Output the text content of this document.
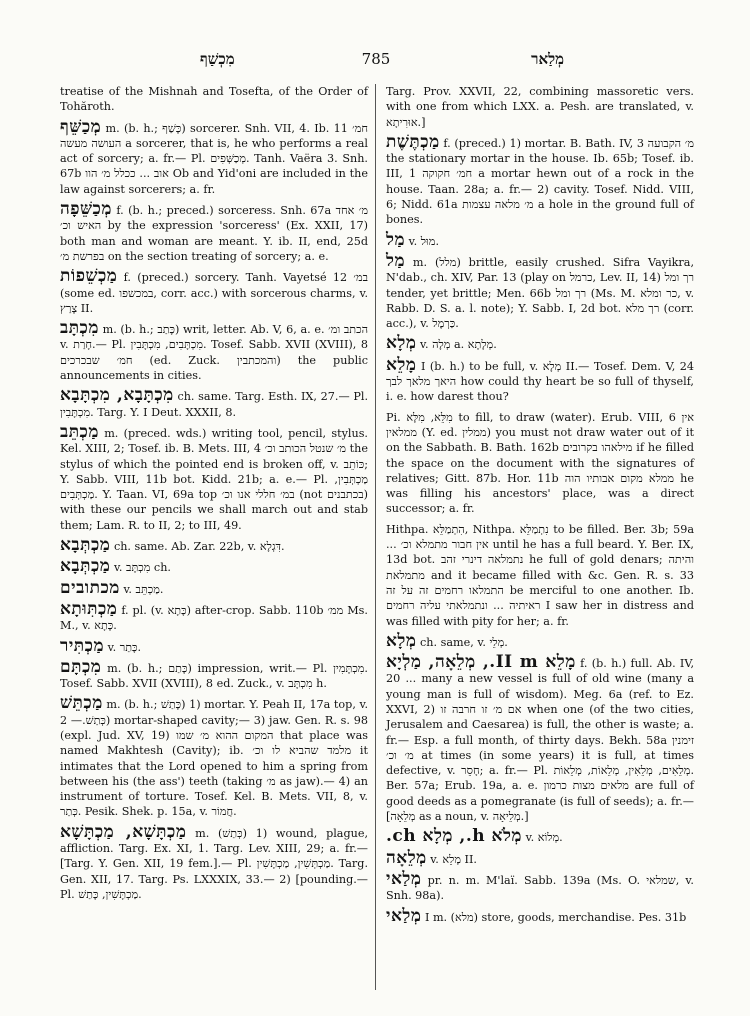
מִכְשַׁף	785	מְלַאר
treatise of the Mishnah and Tosefta, of the Order of Tohăroth.
מְכַשֵּׁף m. (b. h.; כָּשַׁף) sorcerer. Snh. VII, 4. Ib. 11 חמ׳ העושה מעשה a sorcerer, that is, he who performs a real act of sorcery; a. fr.— Pl. מְכַשְּׁפִים. Tanh. Vaëra 3. Snh. 67b אוב ... ככלל מ׳ הוו Ob and Yid'oni are included in the law against sorcerers; a. fr.
מְכַשֵּׁפָה f. (b. h.; preced.) sorceress. Snh. 67a מ׳ אחד האיש וכ׳ by the expression 'sorceress' (Ex. XXII, 17) both man and woman are meant. Y. ib. II, end, 25d בפרשת מ׳ on the section treating of sorcery; a. e.
מַכְשֵׁפוֹת f. (preced.) sorcery. Tanh. Vayetsé 12 במ׳ (some ed. במכשפו, corr. acc.) with sorcerous charms, v. צָרַץ II.
מִכְתָּב m. (b. h.; כָּתַב) writ, letter. Ab. V, 6, a. e. הכתב ומ׳ v. חָרַת.— Pl. מִכְתָּבִים, מִכְתָּבִין. Tosef. Sabb. XVII (XVIII), 8 חמ׳ שבכרכים (ed. Zuck. והמכתבין) the public announcements in cities.
מִכְתָּבָא, מִכְתָּבָא ch. same. Targ. Esth. IX, 27.— Pl. מִכְתָּבִין. Targ. Y. I Deut. XXXII, 8.
מַכְתֵּב m. (preced. wds.) writing tool, pencil, stylus. Kel. XIII, 2; Tosef. ib. B. Mets. III, 4 מ׳ שנטל הכותב וכ׳ the stylus of which the pointed end is broken off, v. כּוֹתֵב; Y. Sabb. VIII, 11b bot. Kidd. 21b; a. e.— Pl. מַכְתְּבִין, מַכְתְּבִים. Y. Taan. VI, 69a top במ׳ חללי אנו וכ׳ (not בכתבנים) with these our pencils we shall march out and stab them; Lam. R. to II, 2; to III, 49.
מַכְתְּבָא ch. same. Ab. Zar. 22b, v. דִּגְלָא.
מַכְתְּבָא v. מִכְתָּב ch.
מכתובים v. מַכְתֵּב.
מַכְתִּוּתָא f. pl. (v. כָּתָא) after-crop. Sabb. 110b ממ׳ Ms. M., v. כָּתָא.
מַכְתִּיר v. כָּתַר.
מִכְתָּם m. (b. h.; כָּתַם) impression, writ.— Pl. מִכְתָּמִין. Tosef. Sabb. XVII (XVIII), 8 ed. Zuck., v. מִכְתָּב h.
מַכְתֵּשׁ m. (b. h.; כָּתַשׁ) 1) mortar. Y. Peah II, 17a top, v. כְּתַשׁ.— 2) mortar-shaped cavity;— 3) jaw. Gen. R. s. 98 (expl. Jud. XV, 19) המקום ההוא מ׳ שמו that place was named Makhtesh (Cavity); ib. מלמד שהביא לו וכ׳ it intimates that the Lord opened to him a spring from between his (the ass') teeth (taking מ׳ as jaw).— 4) an instrument of torture. Tosef. Kel. B. Mets. VII, 8, v. כְּתַר. Pesik. Shek. p. 15a, v. חֲמוֹר.
מַכְתָּשָׁא, מַכְתָּשָׁא m. (כְּתַשׁ) 1) wound, plague, affliction. Targ. Ex. XI, 1. Targ. Lev. XIII, 29; a. fr.— [Targ. Y. Gen. XII, 19 fem.].— Pl. מַכְתְּשִׁין, מַכְתָּשִׁין. Targ. Gen. XII, 17. Targ. Ps. LXXXIX, 33.— 2) [pounding.— Pl. מַכְתָּשִׁין, כָּתַשׁ.
Targ. Prov. XXVII, 22, combining massoretic vers. with one from which LXX. a. Pesh. are translated, v. אוּרִיתָא.]
מַכְתֶּשֶׁת f. (preced.) 1) mortar. B. Bath. IV, 3 מ׳ הקבועה the stationary mortar in the house. Ib. 65b; Tosef. ib. III, 1 חמ׳ חקוקה a mortar hewn out of a rock in the house. Taan. 28a; a. fr.— 2) cavity. Tosef. Nidd. VIII, 6; Nidd. 61a מ׳ מלאה עצמות a hole in the ground full of bones.
מַל v. מוּל.
מַל m. (מלל) brittle, easily crushed. Sifra Vayikra, N'dab., ch. XIV, Par. 13 (play on כרמל, Lev. II, 14) רך ומל tender, yet brittle; Men. 66b רך ומל (Ms. M. כר ומלא, v. Rabb. D. S. a. l. note); Y. Sabb. I, 2d bot. רך מלא (corr. acc.), v. כַּרְמֶל.
מְלָא v. מְלָה a. מְלָתָא.
מָלֵא I (b. h.) to be full, v. מְלָא II.— Tosef. Dem. V, 24 היאך מלאך לבך how could thy heart be so full of thyself, i. e. how darest thou?
Pi. מִלֵּא, מִלָּא to fill, to draw (water). Erub. VIII, 6 אין ממלאין (Y. ed. ממלין) you must not draw water out of it on the Sabbath. B. Bath. 162b מילאהו בקרובים if he filled the space on the document with the signatures of relatives; Gitt. 87b. Hor. 11b ממלא מקום אבותיו הוה he was filling his ancestors' place, was a direct successor; a. fr.
Hithpa. הִתְמַלֵּא, Nithpa. נִתְמַלֵּא to be filled. Ber. 3b; 59a ... אין חבור מתמלא וכ׳ until he has a full beard. Y. Ber. IX, 13d bot. נתמלאה דינרי זהב he full of gold denars; והיתה מתמלאת and it became filled with &c. Gen. R. s. 33 התמלאו רחמים זה על זה be merciful to one another. Ib. ראיתיה ... ונתמלאתי עליה רחמים I saw her in distress and was filled with pity for her; a. fr.
מְלָא ch. same, v. מְלֵי.
מָלֵא II m., מְלֵאָה, מַלְיָא f. (b. h.) full. Ab. IV, 20 ... many a new vessel is full of old wine (many a young man is full of wisdom). Meg. 6a (ref. to Ez. XXVI, 2) אם מ׳ זו חרבה זו when one (of the two cities, Jerusalem and Caesarea) is full, the other is waste; a. fr.— Esp. a full month, of thirty days. Bekh. 58a זימנין מ׳ וכ׳ at times (in some years) it is full, at times defective, v. חָסֵר; a. fr.— Pl. מְלֵאִים, מְלֵאִין, מְלֵאוֹת, מְלֵאוֹת. Ber. 57a; Erub. 19a, a. e. מלאים מצות כרמון are full of good deeds as a pomegranate (is full of seeds); a. fr.— [מְלֵאָה as a noun, v. מְלֵיאָה.]
מְלֹא h., מְלָא ch. v. מְלוֹא.
מְלֵאָה v. מָלֵא II.
מְלַאי pr. n. m. M'laï. Sabb. 139a (Ms. O. שמלאי, v. Snh. 98a).
מְלַאי I m. (מלא) store, goods, merchandise. Pes. 31b
